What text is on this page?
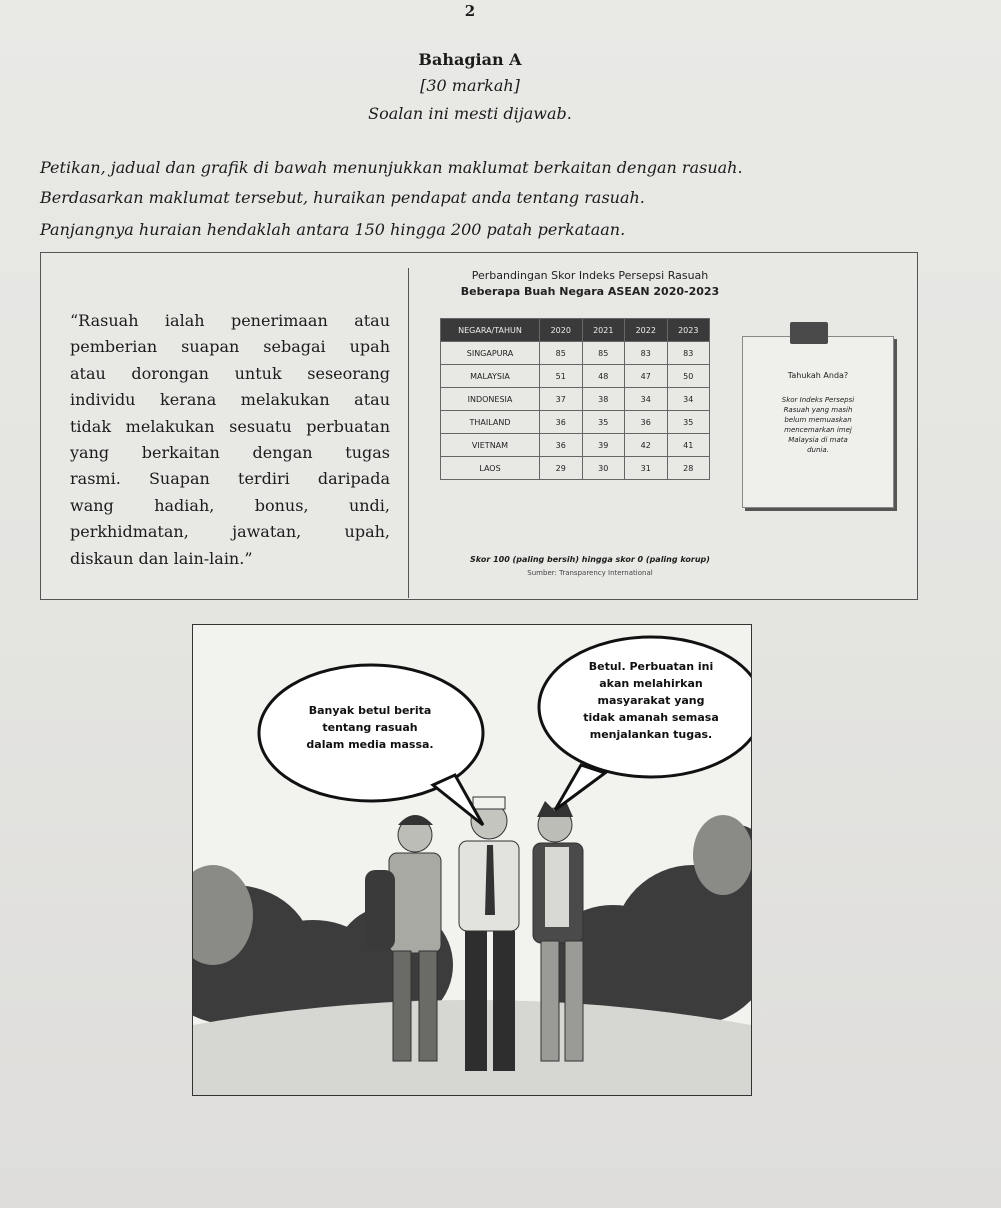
2
Bahagian A
[30 markah]
Soalan ini mesti dijawab.
Petikan, jadual dan grafik di bawah menunjukkan maklumat berkaitan dengan rasuah.
Berdasarkan maklumat tersebut, huraikan pendapat anda tentang rasuah.
Panjangnya huraian hendaklah antara 150 hingga 200 patah perkataan.
“Rasuah ialah penerimaan atau
pemberian suapan sebagai upah
atau dorongan untuk seseorang
individu kerana melakukan atau
tidak melakukan sesuatu perbuatan
yang berkaitan dengan tugas
rasmi. Suapan terdiri daripada
wang hadiah, bonus, undi,
perkhidmatan, jawatan, upah,
diskaun dan lain-lain.”
Perbandingan Skor Indeks Persepsi Rasuah
Beberapa Buah Negara ASEAN 2020-2023
NEGARA/TAHUN	2020	2021	2022	2023
SINGAPURA	85	85	83	83
MALAYSIA	51	48	47	50
INDONESIA	37	38	34	34
THAILAND	36	35	36	35
VIETNAM	36	39	42	41
LAOS	29	30	31	28
Skor 100 (paling bersih) hingga skor 0 (paling korup)
Sumber: Transparency International
Tahukah Anda?
Skor Indeks Persepsi
Rasuah yang masih
belum memuaskan
mencemarkan imej
Malaysia di mata
dunia.
Banyak betul berita
tentang rasuah
dalam media massa.
Betul. Perbuatan ini
akan melahirkan
masyarakat yang
tidak amanah semasa
menjalankan tugas.
